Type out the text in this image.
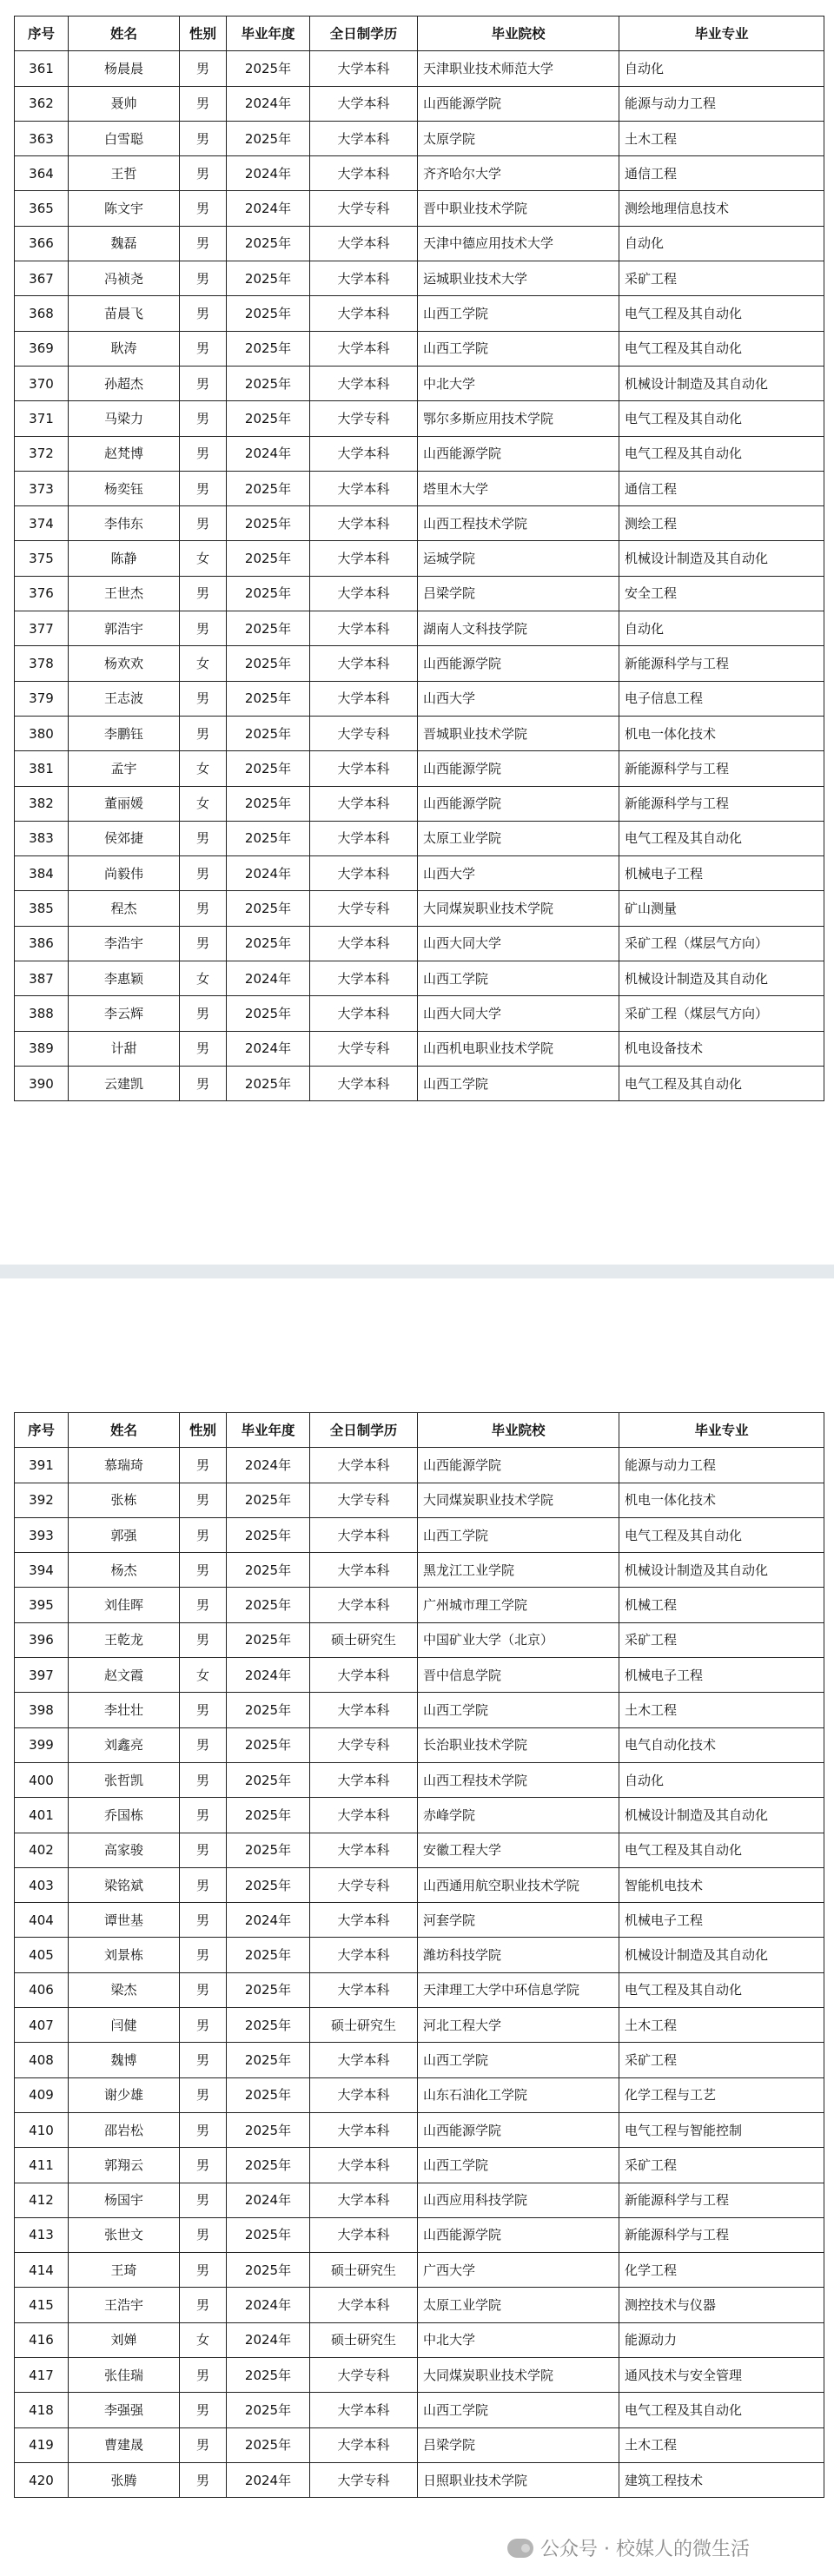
序号	姓名	性别	毕业年度	全日制学历	毕业院校	毕业专业
361	杨晨晨	男	2025年	大学本科	天津职业技术师范大学	自动化
362	聂帅	男	2024年	大学本科	山西能源学院	能源与动力工程
363	白雪聪	男	2025年	大学本科	太原学院	土木工程
364	王哲	男	2024年	大学本科	齐齐哈尔大学	通信工程
365	陈文宇	男	2024年	大学专科	晋中职业技术学院	测绘地理信息技术
366	魏磊	男	2025年	大学本科	天津中德应用技术大学	自动化
367	冯祯尧	男	2025年	大学本科	运城职业技术大学	采矿工程
368	苗晨飞	男	2025年	大学本科	山西工学院	电气工程及其自动化
369	耿涛	男	2025年	大学本科	山西工学院	电气工程及其自动化
370	孙超杰	男	2025年	大学本科	中北大学	机械设计制造及其自动化
371	马梁力	男	2025年	大学专科	鄂尔多斯应用技术学院	电气工程及其自动化
372	赵梵博	男	2024年	大学本科	山西能源学院	电气工程及其自动化
373	杨奕钰	男	2025年	大学本科	塔里木大学	通信工程
374	李伟东	男	2025年	大学本科	山西工程技术学院	测绘工程
375	陈静	女	2025年	大学本科	运城学院	机械设计制造及其自动化
376	王世杰	男	2025年	大学本科	吕梁学院	安全工程
377	郭浩宇	男	2025年	大学本科	湖南人文科技学院	自动化
378	杨欢欢	女	2025年	大学本科	山西能源学院	新能源科学与工程
379	王志波	男	2025年	大学本科	山西大学	电子信息工程
380	李鹏钰	男	2025年	大学专科	晋城职业技术学院	机电一体化技术
381	孟宇	女	2025年	大学本科	山西能源学院	新能源科学与工程
382	董丽媛	女	2025年	大学本科	山西能源学院	新能源科学与工程
383	侯郊捷	男	2025年	大学本科	太原工业学院	电气工程及其自动化
384	尚毅伟	男	2024年	大学本科	山西大学	机械电子工程
385	程杰	男	2025年	大学专科	大同煤炭职业技术学院	矿山测量
386	李浩宇	男	2025年	大学本科	山西大同大学	采矿工程（煤层气方向）
387	李惠颖	女	2024年	大学本科	山西工学院	机械设计制造及其自动化
388	李云辉	男	2025年	大学本科	山西大同大学	采矿工程（煤层气方向）
389	计甜	男	2024年	大学专科	山西机电职业技术学院	机电设备技术
390	云建凯	男	2025年	大学本科	山西工学院	电气工程及其自动化
序号	姓名	性别	毕业年度	全日制学历	毕业院校	毕业专业
391	慕瑞琦	男	2024年	大学本科	山西能源学院	能源与动力工程
392	张栋	男	2025年	大学专科	大同煤炭职业技术学院	机电一体化技术
393	郭强	男	2025年	大学本科	山西工学院	电气工程及其自动化
394	杨杰	男	2025年	大学本科	黑龙江工业学院	机械设计制造及其自动化
395	刘佳晖	男	2025年	大学本科	广州城市理工学院	机械工程
396	王乾龙	男	2025年	硕士研究生	中国矿业大学（北京）	采矿工程
397	赵文霞	女	2024年	大学本科	晋中信息学院	机械电子工程
398	李壮壮	男	2025年	大学本科	山西工学院	土木工程
399	刘鑫亮	男	2025年	大学专科	长治职业技术学院	电气自动化技术
400	张哲凯	男	2025年	大学本科	山西工程技术学院	自动化
401	乔国栋	男	2025年	大学本科	赤峰学院	机械设计制造及其自动化
402	高家骏	男	2025年	大学本科	安徽工程大学	电气工程及其自动化
403	梁铭斌	男	2025年	大学专科	山西通用航空职业技术学院	智能机电技术
404	谭世基	男	2024年	大学本科	河套学院	机械电子工程
405	刘景栋	男	2025年	大学本科	潍坊科技学院	机械设计制造及其自动化
406	梁杰	男	2025年	大学本科	天津理工大学中环信息学院	电气工程及其自动化
407	闫健	男	2025年	硕士研究生	河北工程大学	土木工程
408	魏博	男	2025年	大学本科	山西工学院	采矿工程
409	谢少雄	男	2025年	大学本科	山东石油化工学院	化学工程与工艺
410	邵岩松	男	2025年	大学本科	山西能源学院	电气工程与智能控制
411	郭翔云	男	2025年	大学本科	山西工学院	采矿工程
412	杨国宇	男	2024年	大学本科	山西应用科技学院	新能源科学与工程
413	张世文	男	2025年	大学本科	山西能源学院	新能源科学与工程
414	王琦	男	2025年	硕士研究生	广西大学	化学工程
415	王浩宇	男	2024年	大学本科	太原工业学院	测控技术与仪器
416	刘婵	女	2024年	硕士研究生	中北大学	能源动力
417	张佳瑞	男	2025年	大学专科	大同煤炭职业技术学院	通风技术与安全管理
418	李强强	男	2025年	大学本科	山西工学院	电气工程及其自动化
419	曹建晟	男	2025年	大学本科	吕梁学院	土木工程
420	张腾	男	2024年	大学专科	日照职业技术学院	建筑工程技术
公众号 · 校媒人的微生活
